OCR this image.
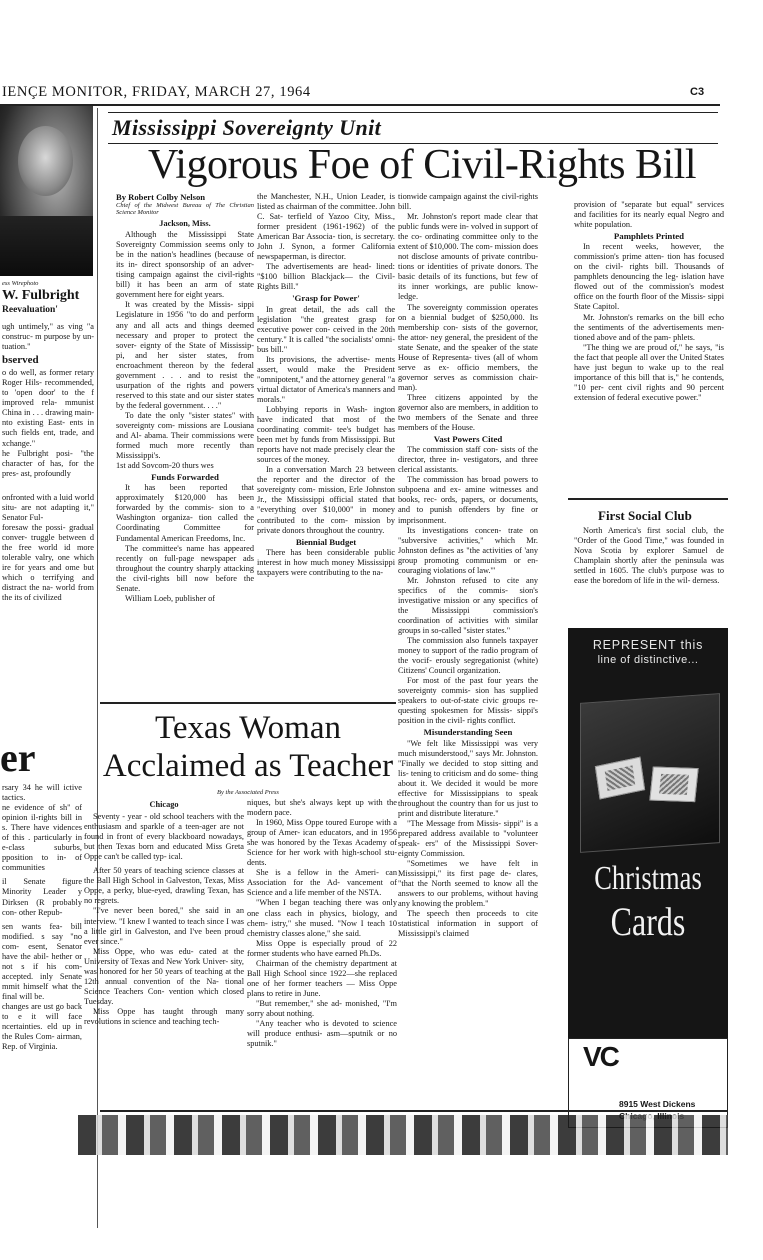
IENÇE MONITOR, FRIDAY, MARCH 27, 1964	C3
ess Wirephoto
W. Fulbright
Reevaluation'

ugh untimely," as ving "a construc- m purpose by un- tuation."

bserved

o do well, as former retary Roger Hils- recommended, to 'open door' to the f improved rela- mmunist China in . . . drawing main- nto existing East- ents in such fields ent, trade, and xchange."

he Fulbright posi- "the character of has, for the pres- ast, profoundly

onfronted with a luid world situ- are not adapting it," Senator Ful-

foresaw the possi- gradual conver- truggle between d the free world id more tolerable valry, one which ire for years and ome but which o terrifying and distract the na- world from the its of civilized

er

rsary 34 he will ictive tactics.

ne evidence of sh" of opinion il-rights bill in s. There have vidences of this . particularly in e-class suburbs, pposition to in- of communities

il Senate figure Minority Leader y Dirksen (R probably con- other Repub-

sen wants fea- bill modified. s say "no com- esent, Senator have the abil- hether or not s if his com- accepted. inly Senate mmit himself what the final will be.

changes are ust go back to e it will face ncertainties. eld up in the Rules Com- airman, Rep. of Virginia.

Mississippi Sovereignty Unit
Vigorous Foe of Civil-Rights Bill

By Robert Colby Nelson

Chief of the Midwest Bureau of The Christian Science Monitor

Jackson, Miss.

Although the Mississippi State Sovereignty Commission seems only to be in the nation's headlines (because of its in- direct sponsorship of an adver- tising campaign against the civil-rights bill) it has been an arm of state government here for eight years.

It was created by the Missis- sippi Legislature in 1956 "to do and perform any and all acts and things deemed necessary and proper to protect the sover- eignty of the State of Mississip- pi, and her sister states, from encroachment thereon by the federal government . . . and to resist the usurpation of the rights and powers reserved to this state and our sister states by the federal government. . . ."

To date the only "sister states" with sovereignty com- missions are Lousiana and Al- abama. Their commissions were formed much more recently than Mississippi's.

1st add Sovcom-20 thurs wes

Funds Forwarded

It has been reported that approximately $120,000 has been forwarded by the commis- sion to a Washington organiza- tion called the Coordinating Committee for Fundamental American Freedoms, Inc.

The committee's name has appeared recently on full-page newspaper ads throughout the country sharply attacking the civil-rights bill now before the Senate.

William Loeb, publisher of

the Manchester, N.H., Union Leader, is listed as chairman of the committee. John C. Sat- terfield of Yazoo City, Miss., former president (1961-1962) of the American Bar Associa- tion, is secretary. John J. Synon, a former California newspaperman, is director.

The advertisements are head- lined: "$100 billion Blackjack— the Civil-Rights Bill."

'Grasp for Power'

In great detail, the ads call the legislation "the greatest grasp for executive power con- ceived in the 20th century." It is called "the socialists' omni- bus bill."

Its provisions, the advertise- ments assert, would make the President "omnipotent," and the attorney general "a virtual dictator of America's manners and morals."

Lobbying reports in Wash- ington have indicated that most of the coordinating commit- tee's budget has been met by funds from Mississippi. But reports have not made precisely clear the sources of the money.

In a conversation March 23 between the reporter and the director of the sovereignty com- mission, Erle Johnston Jr., the Mississippi official stated that "everything over $10,000" in money contributed to the com- mission by private donors throughout the country.

Biennial Budget

There has been considerable public interest in how much money Mississippi taxpayers were contributing to the na-

tionwide campaign against the civil-rights bill.

Mr. Johnston's report made clear that public funds were in- volved in support of the co- ordinating committee only to the extent of $10,000. The com- mission does not disclose amounts of private contribu- tions or identities of private donors. The basic details of its functions, but few of its inner workings, are public know- ledge.

The sovereignty commission operates on a biennial budget of $250,000. Its membership con- sists of the governor, the attor- ney general, the president of the state Senate, and the speaker of the state House of Representa- tives (all of whom serve as ex- officio members, the governor serves as commission chair- man).

Three citizens appointed by the governor also are members, in addition to two members of the Senate and three members of the House.

Vast Powers Cited

The commission staff con- sists of the director, three in- vestigators, and three clerical assistants.

The commission has broad powers to subpoena and ex- amine witnesses and books, rec- ords, papers, or documents, and to punish offenders by fine or imprisonment.

Its investigations concen- trate on "subversive activities," which Mr. Johnston defines as "the activities of 'any group promoting communism or en- couraging violations of law.'"

Mr. Johnston refused to cite any specifics of the commis- sion's investigative mission or any specifics of the Mississippi commission's coordination of activities with similar groups in so-called "sister states."

The commission also funnels taxpayer money to support of the radio program of the vocif- erously segregationist (white) Citizens' Council organization.

For most of the past four years the sovereignty commis- sion has supplied speakers to out-of-state civic groups re- questing spokesmen for Missis- sippi's position in the civil- rights conflict.

Misunderstanding Seen

"We felt like Mississippi was very much misunderstood," says Mr. Johnston. "Finally we decided to stop sitting and lis- tening to criticism and do some- thing about it. We decided it would be more effective for Mississippians to speak throughout the country than for us just to print and distribute literature."

"The Message from Missis- sippi" is a prepared address available to "volunteer speak- ers" of the Mississippi Sover- eignty Commission.

"Sometimes we have felt in Mississippi," its first page de- clares, "that the North seemed to know all the answers to our problems, without having any knowing the problem."

The speech then proceeds to cite statistical information in support of Mississippi's claimed

provision of "separate but equal" services and facilities for its nearly equal Negro and white population.

Pamphlets Printed

In recent weeks, however, the commission's prime atten- tion has focused on the civil- rights bill. Thousands of pamphlets denouncing the leg- islation have flowed out of the commission's modest office on the fourth floor of the Missis- sippi State Capitol.

Mr. Johnston's remarks on the bill echo the sentiments of the advertisements men- tioned above and of the pam- phlets.

"The thing we are proud of," he says, "is the fact that people all over the United States have just begun to wake up to the real importance of this bill that is," he contends, "10 per- cent civil rights and 90 percent extension of federal executive power."

First Social Club

North America's first social club, the "Order of the Good Time," was founded in Nova Scotia by explorer Samuel de Champlain shortly after the peninsula was settled in 1605. The club's purpose was to ease the boredom of life in the wil- derness.

REPRESENT this
line of distinctive...
Christmas
Cards
VC
8915 West Dickens
Texas Woman
Acclaimed as Teacher
By the Associated Press

Chicago

Seventy - year - old school teachers with the enthusiasm and sparkle of a teen-ager are not found in front of every blackboard nowadays, but then Texas born and educated Miss Greta Oppe can't be called typ- ical.

After 50 years of teaching science classes at the Ball High School in Galveston, Texas, Miss Oppe, a perky, blue-eyed, drawling Texan, has no regrets.

"I've never been bored," she said in an interview. "I knew I wanted to teach since I was a little girl in Galveston, and I've been proud ever since."

Miss Oppe, who was edu- cated at the University of Texas and New York Univer- sity, was honored for her 50 years of teaching at the 12th annual convention of the Na- tional Science Teachers Con- vention which closed Tuesday.

Miss Oppe has taught through many revolutions in science and teaching tech-

niques, but she's always kept up with the modern pace.

In 1960, Miss Oppe toured Europe with a group of Amer- ican educators, and in 1956 she was honored by the Texas Academy of Science for her work with high-school stu- dents.

She is a fellow in the Ameri- can Association for the Ad- vancement of Science and a life member of the NSTA.

"When I began teaching there was only one class each in physics, biology, and chem- istry," she mused. "Now I teach 10 chemistry classes alone," she said.

Miss Oppe is especially proud of 22 former students who have earned Ph.Ds.

Chairman of the chemistry department at Ball High School since 1922—she replaced one of her former teachers — Miss Oppe plans to retire in June.

"But remember," she ad- monished, "I'm sorry about nothing.

"Any teacher who is devoted to science will produce enthusi- asm—sputnik or no sputnik."
